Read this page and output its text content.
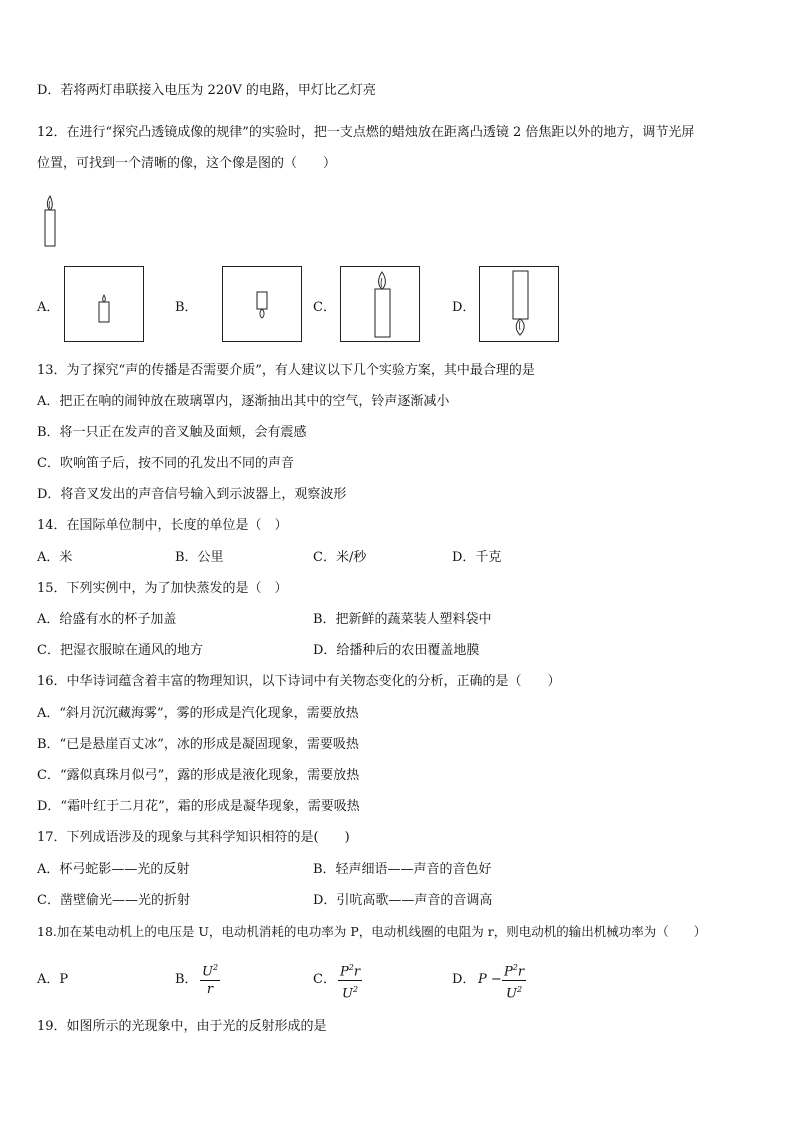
D．若将两灯串联接入电压为 220V 的电路，甲灯比乙灯亮
12．在进行“探究凸透镜成像的规律”的实验时，把一支点燃的蜡烛放在距离凸透镜 2 倍焦距以外的地方，调节光屏
位置，可找到一个清晰的像，这个像是图的（　　）
A．	B．	C．	D．
13．为了探究“声的传播是否需要介质”，有人建议以下几个实验方案，其中最合理的是
A．把正在响的闹钟放在玻璃罩内，逐渐抽出其中的空气，铃声逐渐减小
B．将一只正在发声的音叉触及面颊，会有震感
C．吹响笛子后，按不同的孔发出不同的声音
D．将音叉发出的声音信号输入到示波器上，观察波形
14．在国际单位制中，长度的单位是（　）
A．米	B．公里	C．米/秒	D．千克
15．下列实例中，为了加快蒸发的是（　）
A．给盛有水的杯子加盖	B．把新鲜的蔬菜装人塑料袋中
C．把湿衣服晾在通风的地方	D．给播种后的农田覆盖地膜
16．中华诗词蕴含着丰富的物理知识，以下诗词中有关物态变化的分析，正确的是（　　）
A．“斜月沉沉藏海雾”，雾的形成是汽化现象，需要放热
B．“已是悬崖百丈冰”，冰的形成是凝固现象，需要吸热
C．“露似真珠月似弓”，露的形成是液化现象，需要放热
D．“霜叶红于二月花”，霜的形成是凝华现象，需要吸热
17．下列成语涉及的现象与其科学知识相符的是(　　)
A．杯弓蛇影——光的反射	B．轻声细语——声音的音色好
C．凿壁偷光——光的折射	D．引吭高歌——声音的音调高
18.加在某电动机上的电压是 U，电动机消耗的电功率为 P，电动机线圈的电阻为 r，则电动机的输出机械功率为（　　）
A．P	B．
$U^2$
r
C．
$P^2r$
$U^2$
D． P −
$P^2r$
$U^2$
19．如图所示的光现象中，由于光的反射形成的是
